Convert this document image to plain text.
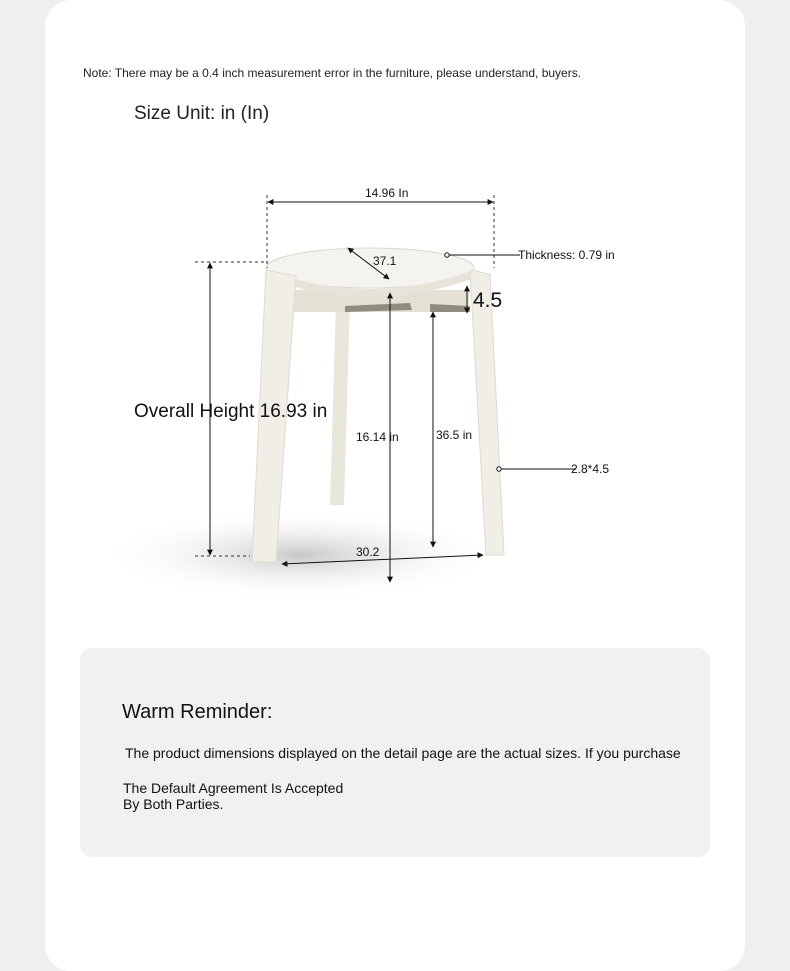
Note: There may be a 0.4 inch measurement error in the furniture, please understand, buyers.
Size Unit: in (In)
14.96 In
37.1	Thickness: 0.79 in
4.5
Overall Height 16.93 in
16.14 in	36.5 in
2.8*4.5
30.2
Warm Reminder:
The product dimensions displayed on the detail page are the actual sizes. If you purchase
The Default Agreement Is Accepted
By Both Parties.
